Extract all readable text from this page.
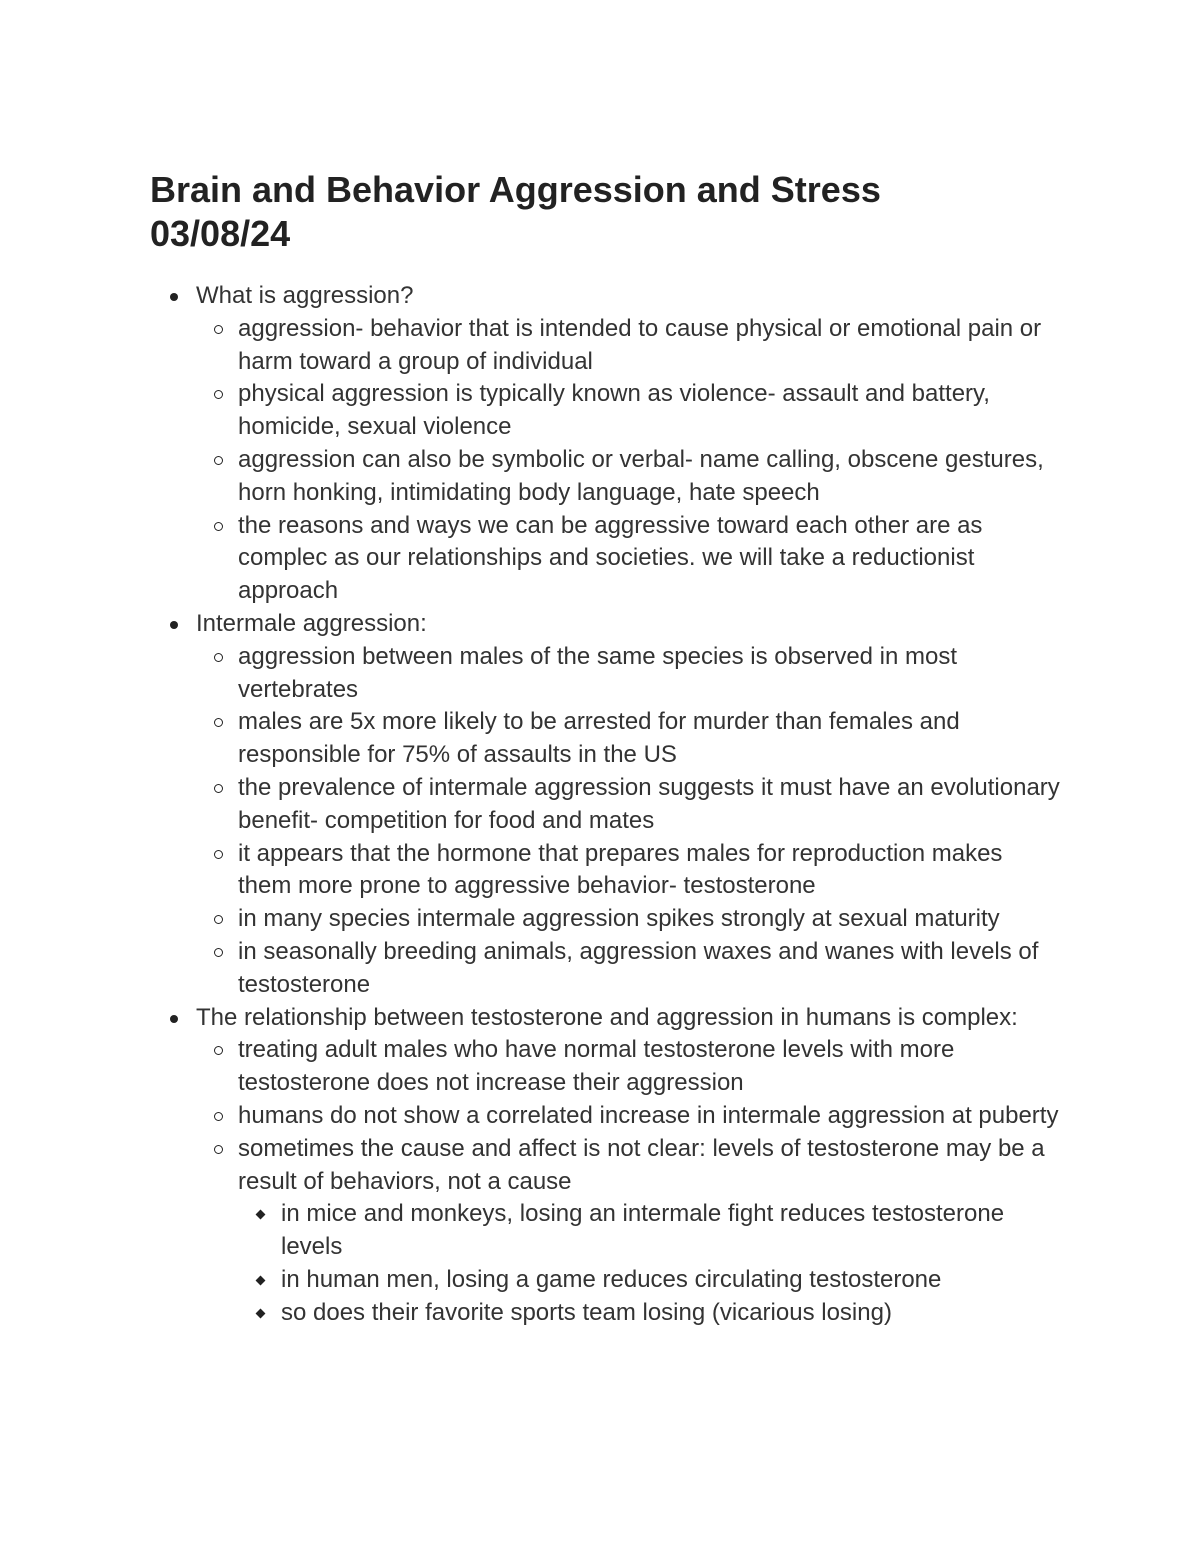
Brain and Behavior Aggression and Stress
03/08/24
What is aggression?
aggression- behavior that is intended to cause physical or emotional pain or harm toward a group of individual
physical aggression is typically known as violence- assault and battery, homicide, sexual violence
aggression can also be symbolic or verbal- name calling, obscene gestures, horn honking, intimidating body language, hate speech
the reasons and ways we can be aggressive toward each other are as complec as our relationships and societies. we will take a reductionist approach
Intermale aggression:
aggression between males of the same species is observed in most vertebrates
males are 5x more likely to be arrested for murder than females and responsible for 75% of assaults in the US
the prevalence of intermale aggression suggests it must have an evolutionary benefit- competition for food and mates
it appears that the hormone that prepares males for reproduction makes them more prone to aggressive behavior- testosterone
in many species intermale aggression spikes strongly at sexual maturity
in seasonally breeding animals, aggression waxes and wanes with levels of testosterone
The relationship between testosterone and aggression in humans is complex:
treating adult males who have normal testosterone levels with more testosterone does not increase their aggression
humans do not show a correlated increase in intermale aggression at puberty
sometimes the cause and affect is not clear: levels of testosterone may be a result of behaviors, not a cause
in mice and monkeys, losing an intermale fight reduces testosterone levels
in human men, losing a game reduces circulating testosterone
so does their favorite sports team losing (vicarious losing)
